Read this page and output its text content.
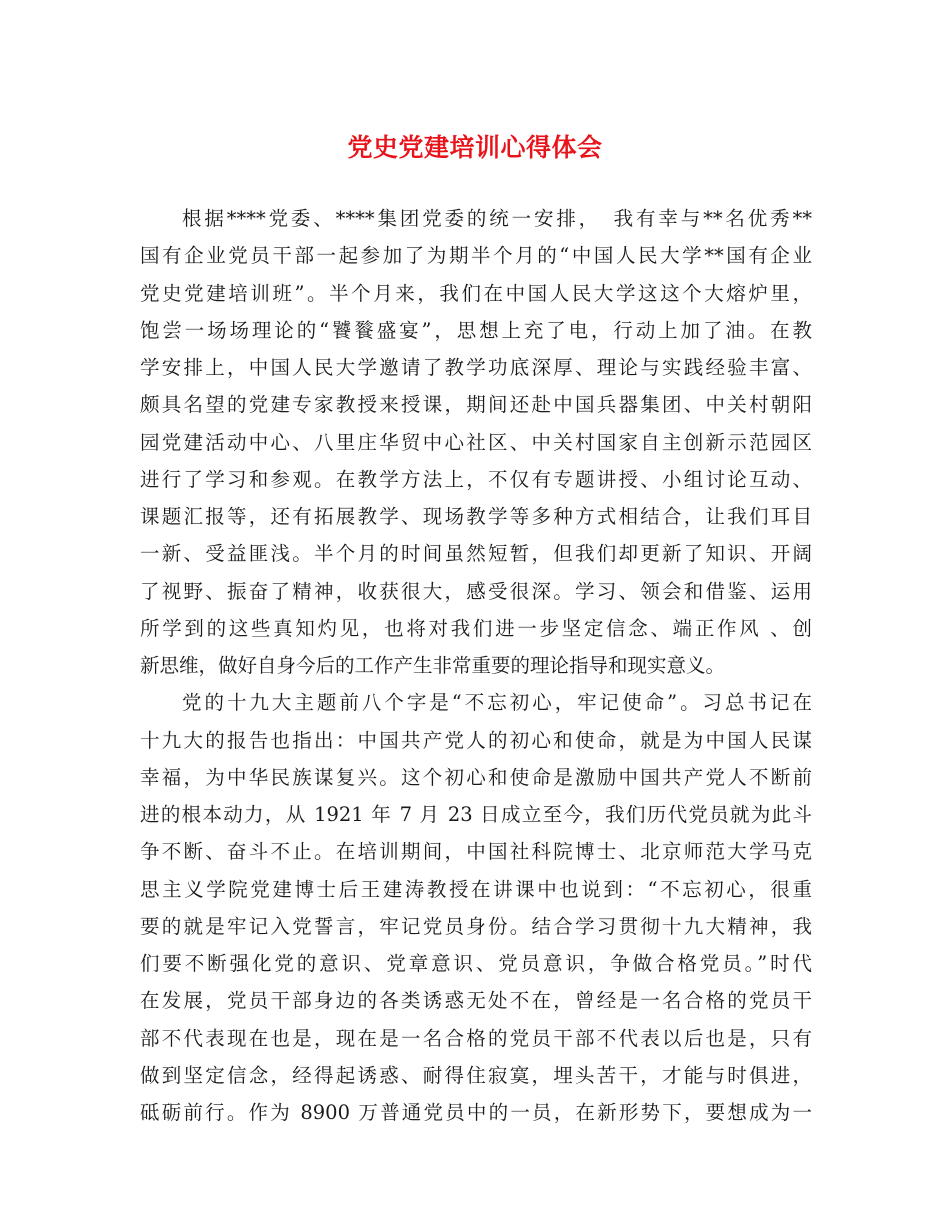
党史党建培训心得体会
根据****党委、****集团党委的统一安排，　我有幸与**名优秀**
国有企业党员干部一起参加了为期半个月的“中国人民大学**国有企业
党史党建培训班”。半个月来，我们在中国人民大学这这个大熔炉里，
饱尝一场场理论的“饕餮盛宴”，思想上充了电，行动上加了油。在教
学安排上，中国人民大学邀请了教学功底深厚、理论与实践经验丰富、
颇具名望的党建专家教授来授课，期间还赴中国兵器集团、中关村朝阳
园党建活动中心、八里庄华贸中心社区、中关村国家自主创新示范园区
进行了学习和参观。在教学方法上，不仅有专题讲授、小组讨论互动、
课题汇报等，还有拓展教学、现场教学等多种方式相结合，让我们耳目
一新、受益匪浅。半个月的时间虽然短暂，但我们却更新了知识、开阔
了视野、振奋了精神，收获很大，感受很深。学习、领会和借鉴、运用
所学到的这些真知灼见，也将对我们进一步坚定信念、端正作风 、创
新思维，做好自身今后的工作产生非常重要的理论指导和现实意义。
党的十九大主题前八个字是“不忘初心，牢记使命”。习总书记在
十九大的报告也指出：中国共产党人的初心和使命，就是为中国人民谋
幸福，为中华民族谋复兴。这个初心和使命是激励中国共产党人不断前
进的根本动力，从 1921 年 7 月 23 日成立至今，我们历代党员就为此斗
争不断、奋斗不止。在培训期间，中国社科院博士、北京师范大学马克
思主义学院党建博士后王建涛教授在讲课中也说到：“不忘初心，很重
要的就是牢记入党誓言，牢记党员身份。结合学习贯彻十九大精神，我
们要不断强化党的意识、党章意识、党员意识，争做合格党员。”时代
在发展，党员干部身边的各类诱惑无处不在，曾经是一名合格的党员干
部不代表现在也是，现在是一名合格的党员干部不代表以后也是，只有
做到坚定信念，经得起诱惑、耐得住寂寞，埋头苦干，才能与时俱进，
砥砺前行。作为 8900 万普通党员中的一员，在新形势下，要想成为一
